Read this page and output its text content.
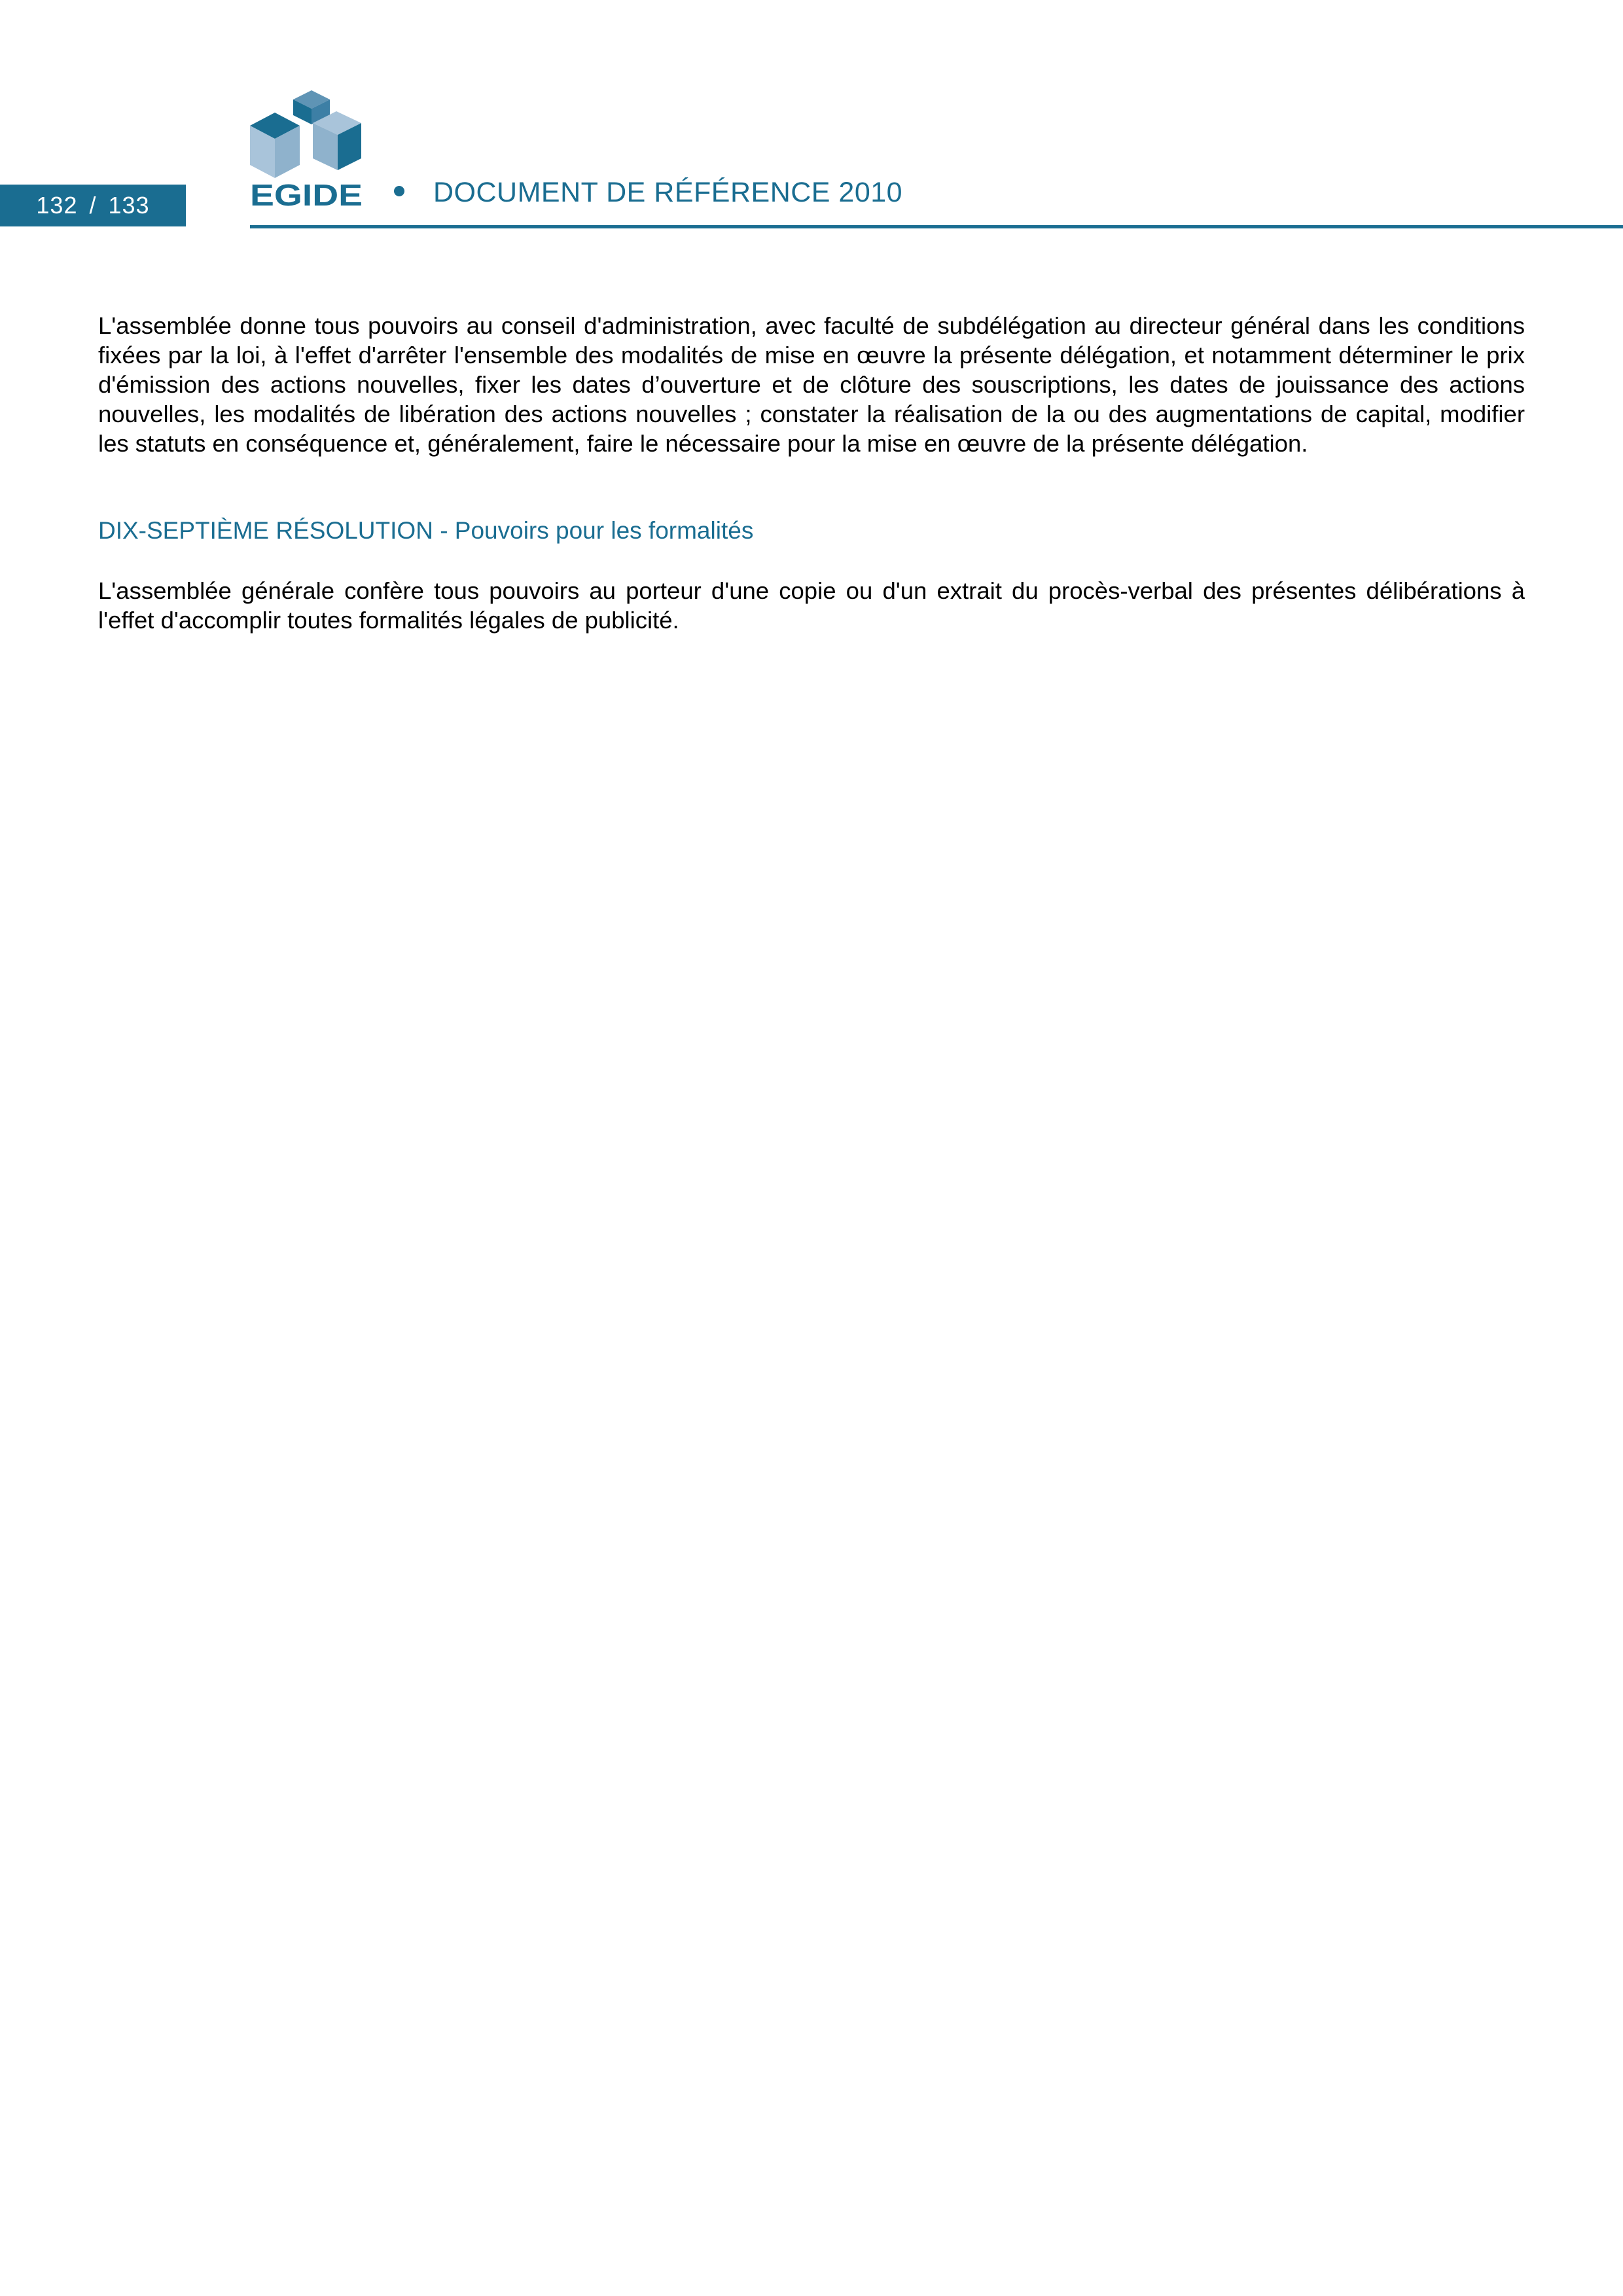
132 / 133	EGIDE	DOCUMENT DE RÉFÉRENCE 2010

L'assemblée donne tous pouvoirs au conseil d'administration, avec faculté de subdélégation au directeur général dans les conditions fixées par la loi, à l'effet d'arrêter l'ensemble des modalités de mise en œuvre la présente délégation, et notamment déterminer le prix d'émission des actions nouvelles, fixer les dates d’ouverture et de clôture des souscriptions, les dates de jouissance des actions nouvelles, les modalités de libération des actions nouvelles ; constater la réalisation de la ou des augmentations de capital, modifier les statuts en conséquence et, généralement, faire le nécessaire pour la mise en œuvre de la présente délégation.

DIX-SEPTIÈME RÉSOLUTION - Pouvoirs pour les formalités

L'assemblée générale confère tous pouvoirs au porteur d'une copie ou d'un extrait du procès-verbal des présentes délibérations à l'effet d'accomplir toutes formalités légales de publicité.
